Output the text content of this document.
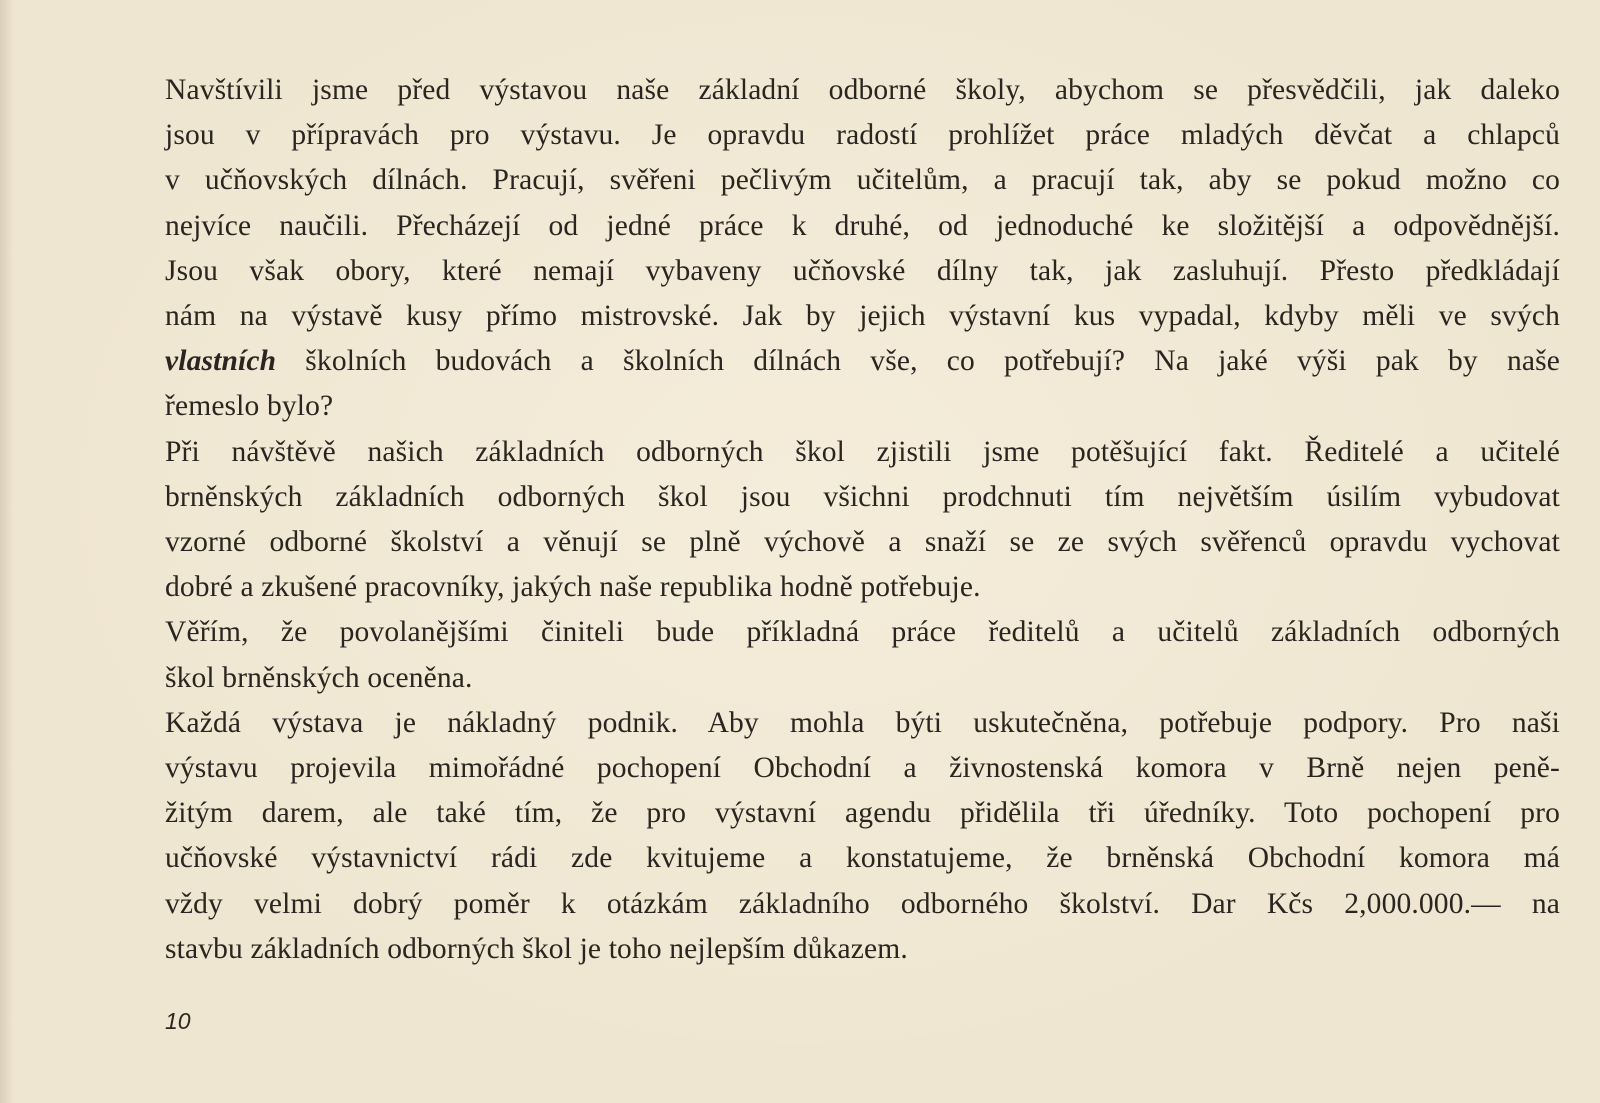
Navštívili jsme před výstavou naše základní odborné školy, abychom se přesvědčili, jak daleko
jsou v přípravách pro výstavu. Je opravdu radostí prohlížet práce mladých děvčat a chlapců
v učňovských dílnách. Pracují, svěřeni pečlivým učitelům, a pracují tak, aby se pokud možno co
nejvíce naučili. Přecházejí od jedné práce k druhé, od jednoduché ke složitější a odpovědnější.
Jsou však obory, které nemají vybaveny učňovské dílny tak, jak zasluhují. Přesto předkládají
nám na výstavě kusy přímo mistrovské. Jak by jejich výstavní kus vypadal, kdyby měli ve svých
vlastních školních budovách a školních dílnách vše, co potřebují? Na jaké výši pak by naše
řemeslo bylo?

Při návštěvě našich základních odborných škol zjistili jsme potěšující fakt. Ředitelé a učitelé
brněnských základních odborných škol jsou všichni prodchnuti tím největším úsilím vybudovat
vzorné odborné školství a věnují se plně výchově a snaží se ze svých svěřenců opravdu vychovat
dobré a zkušené pracovníky, jakých naše republika hodně potřebuje.

Věřím, že povolanějšími činiteli bude příkladná práce ředitelů a učitelů základních odborných
škol brněnských oceněna.

Každá výstava je nákladný podnik. Aby mohla býti uskutečněna, potřebuje podpory. Pro naši
výstavu projevila mimořádné pochopení Obchodní a živnostenská komora v Brně nejen peně-
žitým darem, ale také tím, že pro výstavní agendu přidělila tři úředníky. Toto pochopení pro
učňovské výstavnictví rádi zde kvitujeme a konstatujeme, že brněnská Obchodní komora má
vždy velmi dobrý poměr k otázkám základního odborného školství. Dar Kčs 2,000.000.— na
stavbu základních odborných škol je toho nejlepším důkazem.

10
